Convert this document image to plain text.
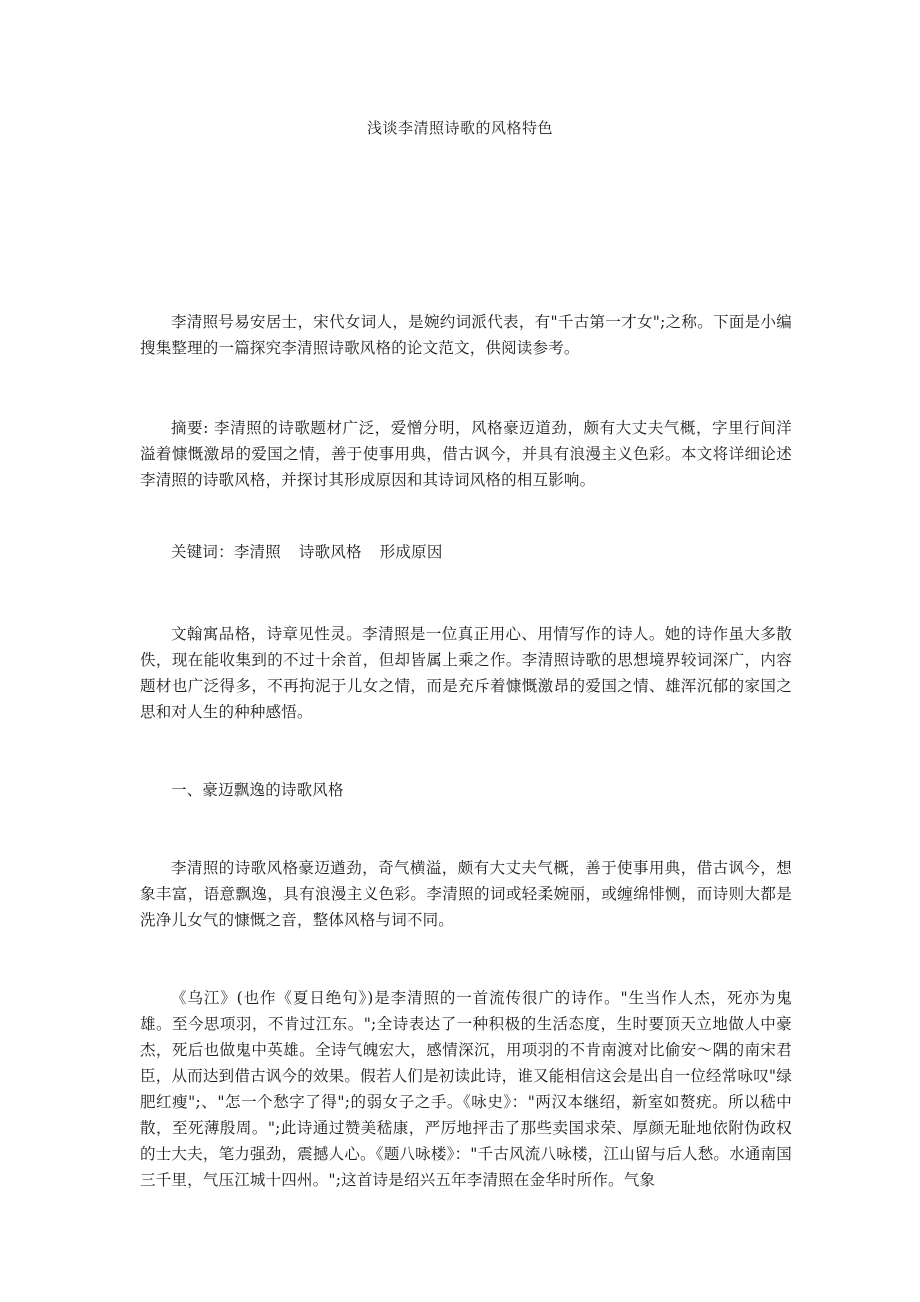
浅谈李清照诗歌的风格特色

李清照号易安居士，宋代女词人，是婉约词派代表，有"千古第一才女";之称。下面是小编搜集整理的一篇探究李清照诗歌风格的论文范文，供阅读参考。

摘要: 李清照的诗歌题材广泛，爱憎分明，风格豪迈道劲，颇有大丈夫气概，字里行间洋溢着慷慨激昂的爱国之情，善于使事用典，借古讽今，并具有浪漫主义色彩。本文将详细论述李清照的诗歌风格，并探讨其形成原因和其诗词风格的相互影响。

关键词：李清照 诗歌风格 形成原因

文翰寓品格，诗章见性灵。李清照是一位真正用心、用情写作的诗人。她的诗作虽大多散佚，现在能收集到的不过十余首，但却皆属上乘之作。李清照诗歌的思想境界较词深广，内容题材也广泛得多，不再拘泥于儿女之情，而是充斥着慷慨激昂的爱国之情、雄浑沉郁的家国之思和对人生的种种感悟。

一、豪迈飘逸的诗歌风格

李清照的诗歌风格豪迈遒劲，奇气横溢，颇有大丈夫气概，善于使事用典，借古讽今，想象丰富，语意飘逸，具有浪漫主义色彩。李清照的词或轻柔婉丽，或缠绵悱恻，而诗则大都是洗净儿女气的慷慨之音，整体风格与词不同。

《乌江》(也作《夏日绝句》)是李清照的一首流传很广的诗作。"生当作人杰，死亦为鬼雄。至今思项羽，不肯过江东。";全诗表达了一种积极的生活态度，生时要顶天立地做人中豪杰，死后也做鬼中英雄。全诗气魄宏大，感情深沉，用项羽的不肯南渡对比偷安～隅的南宋君臣，从而达到借古讽今的效果。假若人们是初读此诗，谁又能相信这会是出自一位经常咏叹"绿肥红瘦";、"怎一个愁字了得";的弱女子之手。《咏史》："两汉本继绍，新室如赘疣。所以嵇中散，至死薄殷周。";此诗通过赞美嵇康，严厉地抨击了那些卖国求荣、厚颜无耻地依附伪政权的士大夫，笔力强劲，震撼人心。《题八咏楼》："千古风流八咏楼，江山留与后人愁。水通南国三千里，气压江城十四州。";这首诗是绍兴五年李清照在金华时所作。气象
